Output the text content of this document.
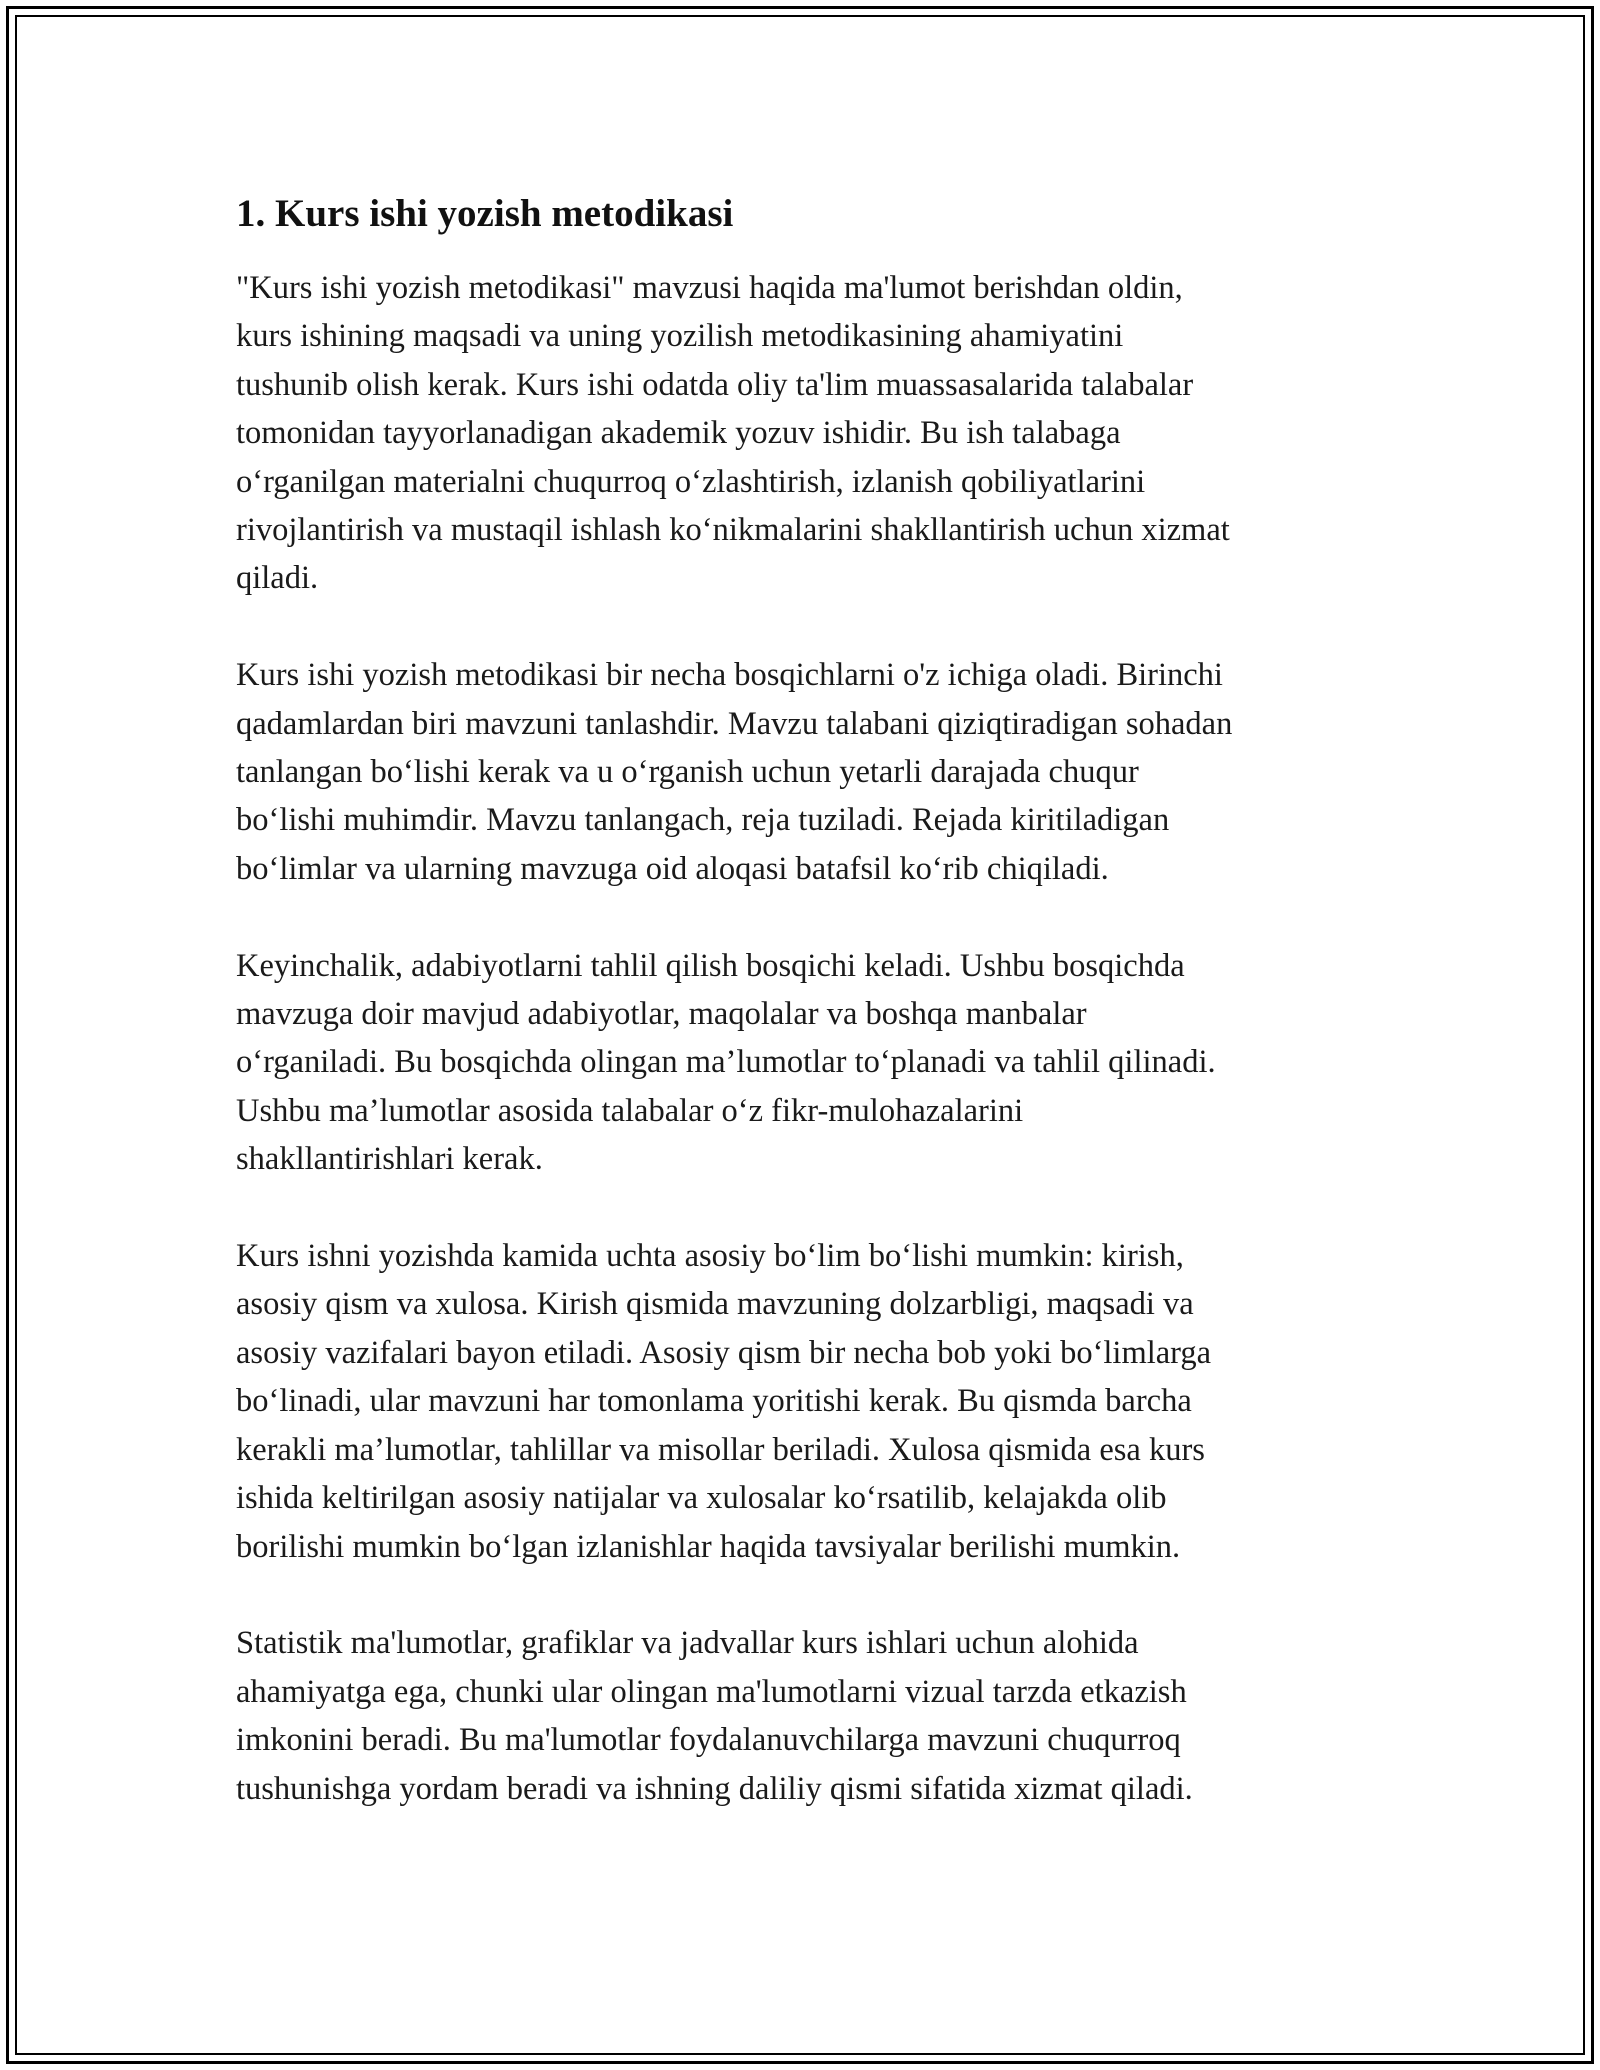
1. Kurs ishi yozish metodikasi

"Kurs ishi yozish metodikasi" mavzusi haqida ma'lumot berishdan oldin,
kurs ishining maqsadi va uning yozilish metodikasining ahamiyatini
tushunib olish kerak. Kurs ishi odatda oliy ta'lim muassasalarida talabalar
tomonidan tayyorlanadigan akademik yozuv ishidir. Bu ish talabaga
o‘rganilgan materialni chuqurroq o‘zlashtirish, izlanish qobiliyatlarini
rivojlantirish va mustaqil ishlash ko‘nikmalarini shakllantirish uchun xizmat
qiladi.

Kurs ishi yozish metodikasi bir necha bosqichlarni o'z ichiga oladi. Birinchi
qadamlardan biri mavzuni tanlashdir. Mavzu talabani qiziqtiradigan sohadan
tanlangan bo‘lishi kerak va u o‘rganish uchun yetarli darajada chuqur
bo‘lishi muhimdir. Mavzu tanlangach, reja tuziladi. Rejada kiritiladigan
bo‘limlar va ularning mavzuga oid aloqasi batafsil ko‘rib chiqiladi.

Keyinchalik, adabiyotlarni tahlil qilish bosqichi keladi. Ushbu bosqichda
mavzuga doir mavjud adabiyotlar, maqolalar va boshqa manbalar
o‘rganiladi. Bu bosqichda olingan ma’lumotlar to‘planadi va tahlil qilinadi.
Ushbu ma’lumotlar asosida talabalar o‘z fikr-mulohazalarini
shakllantirishlari kerak.

Kurs ishni yozishda kamida uchta asosiy bo‘lim bo‘lishi mumkin: kirish,
asosiy qism va xulosa. Kirish qismida mavzuning dolzarbligi, maqsadi va
asosiy vazifalari bayon etiladi. Asosiy qism bir necha bob yoki bo‘limlarga
bo‘linadi, ular mavzuni har tomonlama yoritishi kerak. Bu qismda barcha
kerakli ma’lumotlar, tahlillar va misollar beriladi. Xulosa qismida esa kurs
ishida keltirilgan asosiy natijalar va xulosalar ko‘rsatilib, kelajakda olib
borilishi mumkin bo‘lgan izlanishlar haqida tavsiyalar berilishi mumkin.

Statistik ma'lumotlar, grafiklar va jadvallar kurs ishlari uchun alohida
ahamiyatga ega, chunki ular olingan ma'lumotlarni vizual tarzda etkazish
imkonini beradi. Bu ma'lumotlar foydalanuvchilarga mavzuni chuqurroq
tushunishga yordam beradi va ishning daliliy qismi sifatida xizmat qiladi.
